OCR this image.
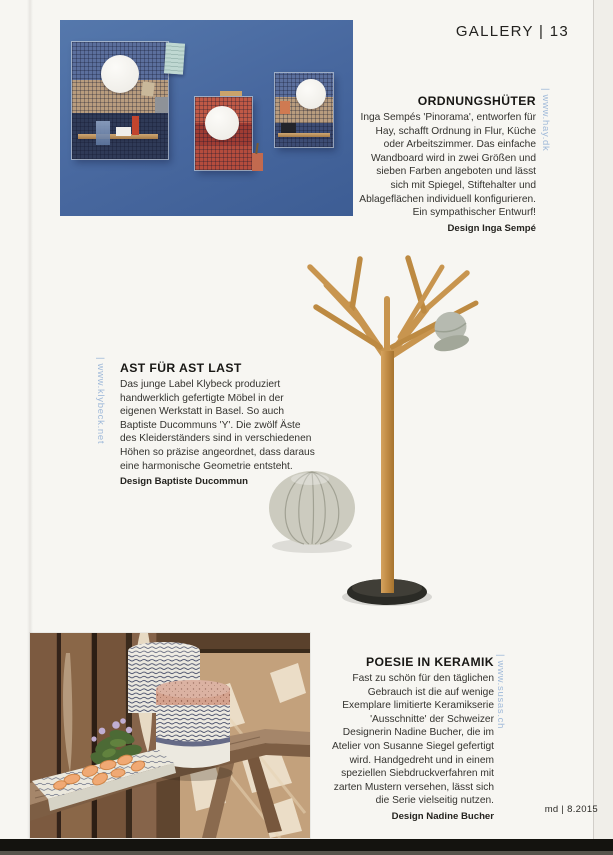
GALLERY | 13
md | 8.2015
ORDNUNGSHÜTER

Inga Sempés 'Pinorama', entworfen für Hay, schafft Ordnung in Flur, Küche oder Arbeitszimmer. Das einfache Wandboard wird in zwei Größen und sieben Farben angeboten und lässt sich mit Spiegel, Stiftehalter und Ablageflächen individuell konfigurieren. Ein sympathischer Entwurf!

Design Inga Sempé
| www.hay.dk
AST FÜR AST LAST

Das junge Label Klybeck produziert handwerklich gefertigte Möbel in der eigenen Werkstatt in Basel. So auch Baptiste Ducommuns 'Y'. Die zwölf Äste des Kleiderständers sind in verschiedenen Höhen so präzise angeordnet, dass daraus eine harmonische Geometrie entsteht.

Design Baptiste Ducommun
| www.klybeck.net
POESIE IN KERAMIK

Fast zu schön für den täglichen Gebrauch ist die auf wenige Exemplare limitierte Keramikserie 'Ausschnitte' der Schweizer Designerin Nadine Bucher, die im Atelier von Susanne Siegel gefertigt wird. Handgedreht und in einem speziellen Siebdruckverfahren mit zarten Mustern versehen, lässt sich die Serie vielseitig nutzen.

Design Nadine Bucher
| www.susas.ch
